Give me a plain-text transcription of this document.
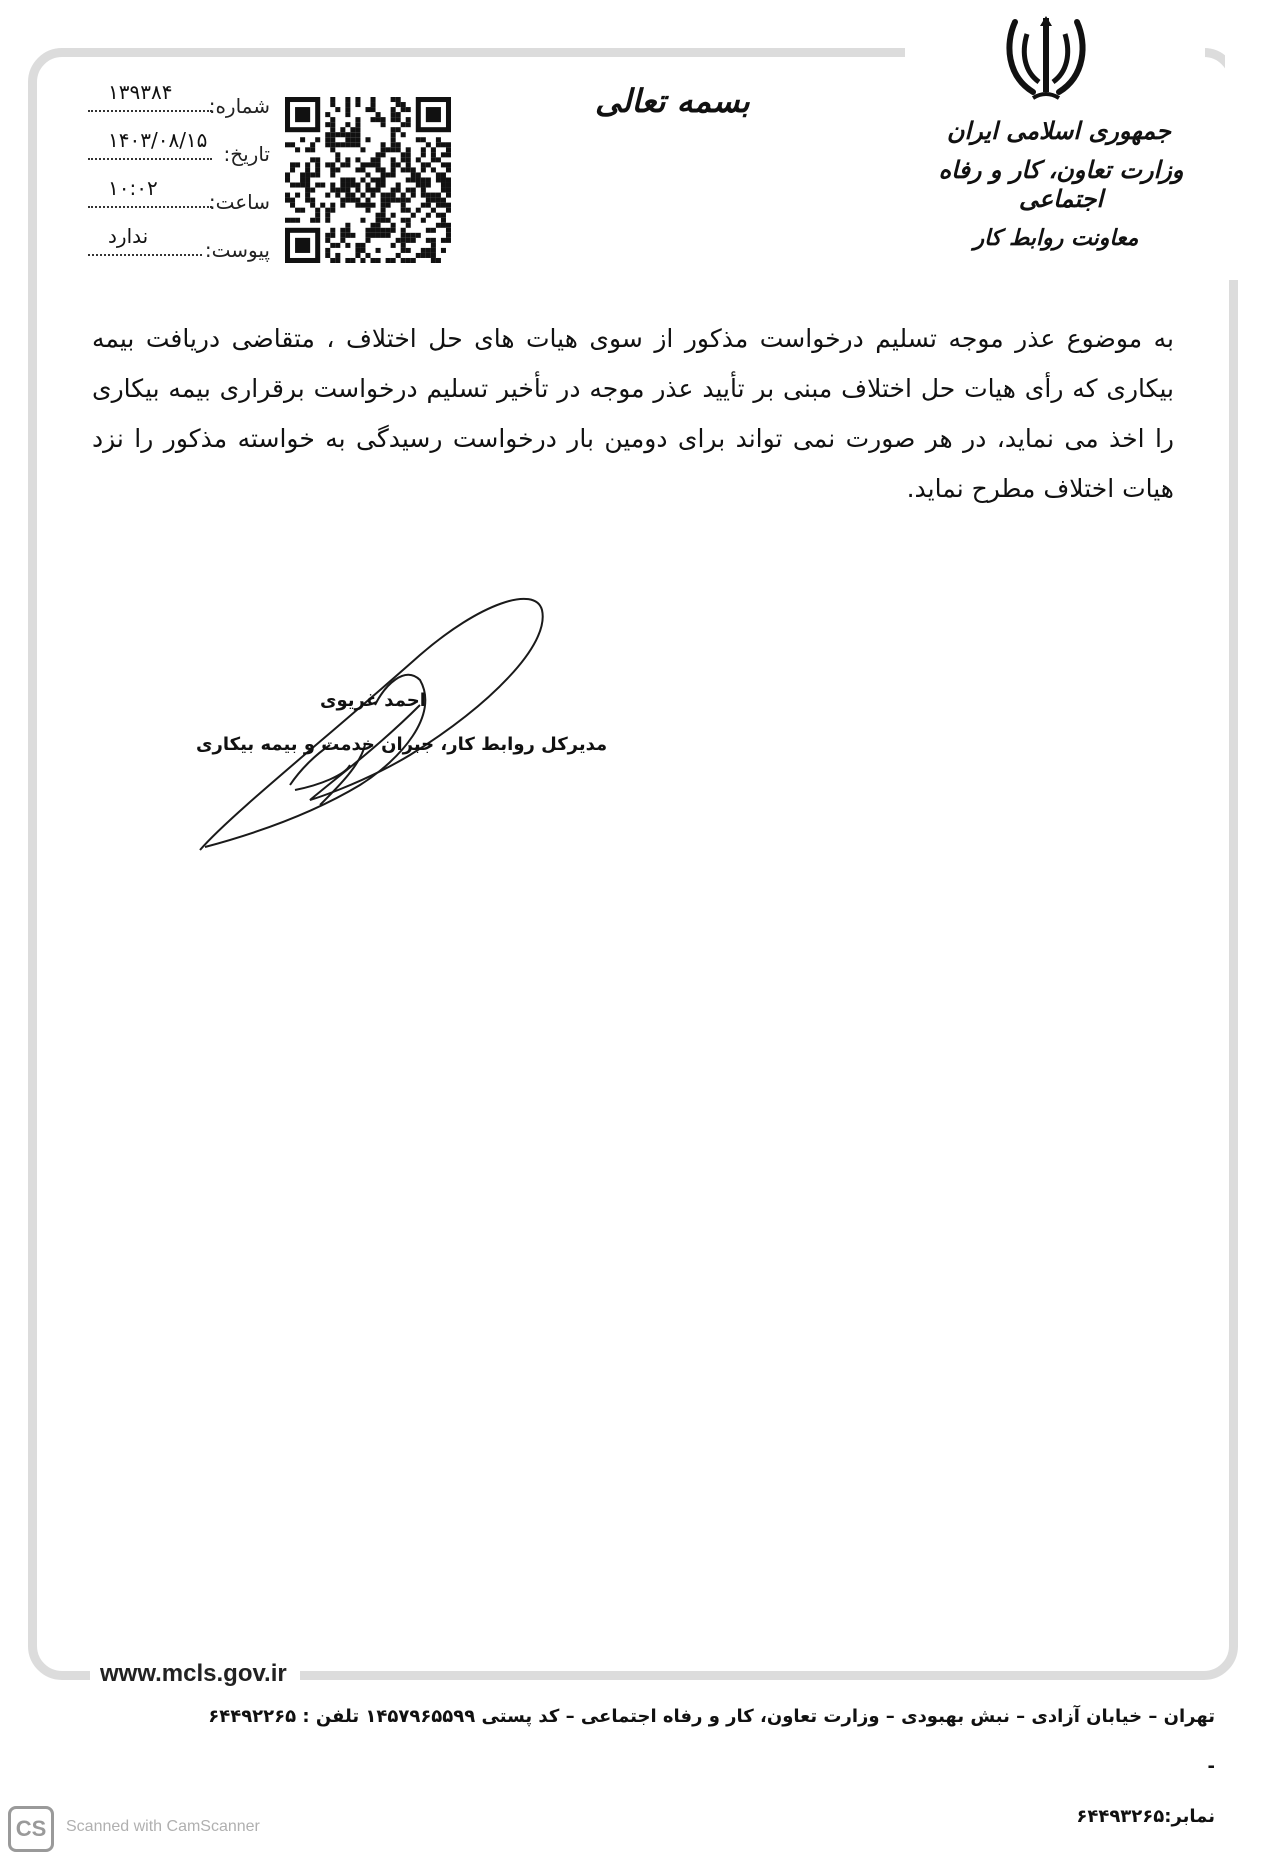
جمهوری اسلامی ایران
وزارت تعاون، کار و رفاه اجتماعی
معاونت روابط کار
بسمه تعالی
شماره:
۱۳۹۳۸۴
تاریخ:
۱۴۰۳/۰۸/۱۵
ساعت:
۱۰:۰۲
پیوست:
ندارد
به موضوع عذر موجه تسلیم درخواست مذکور از سوی هیات های حل اختلاف ، متقاضی دریافت بیمه بیکاری که رأی هیات حل اختلاف مبنی بر تأیید عذر موجه در تأخیر تسلیم درخواست برقراری بیمه بیکاری را اخذ می نماید، در هر صورت نمی تواند برای دومین بار درخواست رسیدگی به خواسته مذکور را نزد هیات اختلاف مطرح نماید.
احمد غریوی
مدیرکل روابط کار، جبران خدمت و بیمه بیکاری
www.mcls.gov.ir
تهران – خیابان آزادی – نبش بهبودی – وزارت تعاون، کار و رفاه اجتماعی – کد پستی ۱۴۵۷۹۶۵۵۹۹ تلفن : ۶۴۴۹۲۲۶۵ -
نمابر:۶۴۴۹۳۲۶۵
CS	Scanned with CamScanner
